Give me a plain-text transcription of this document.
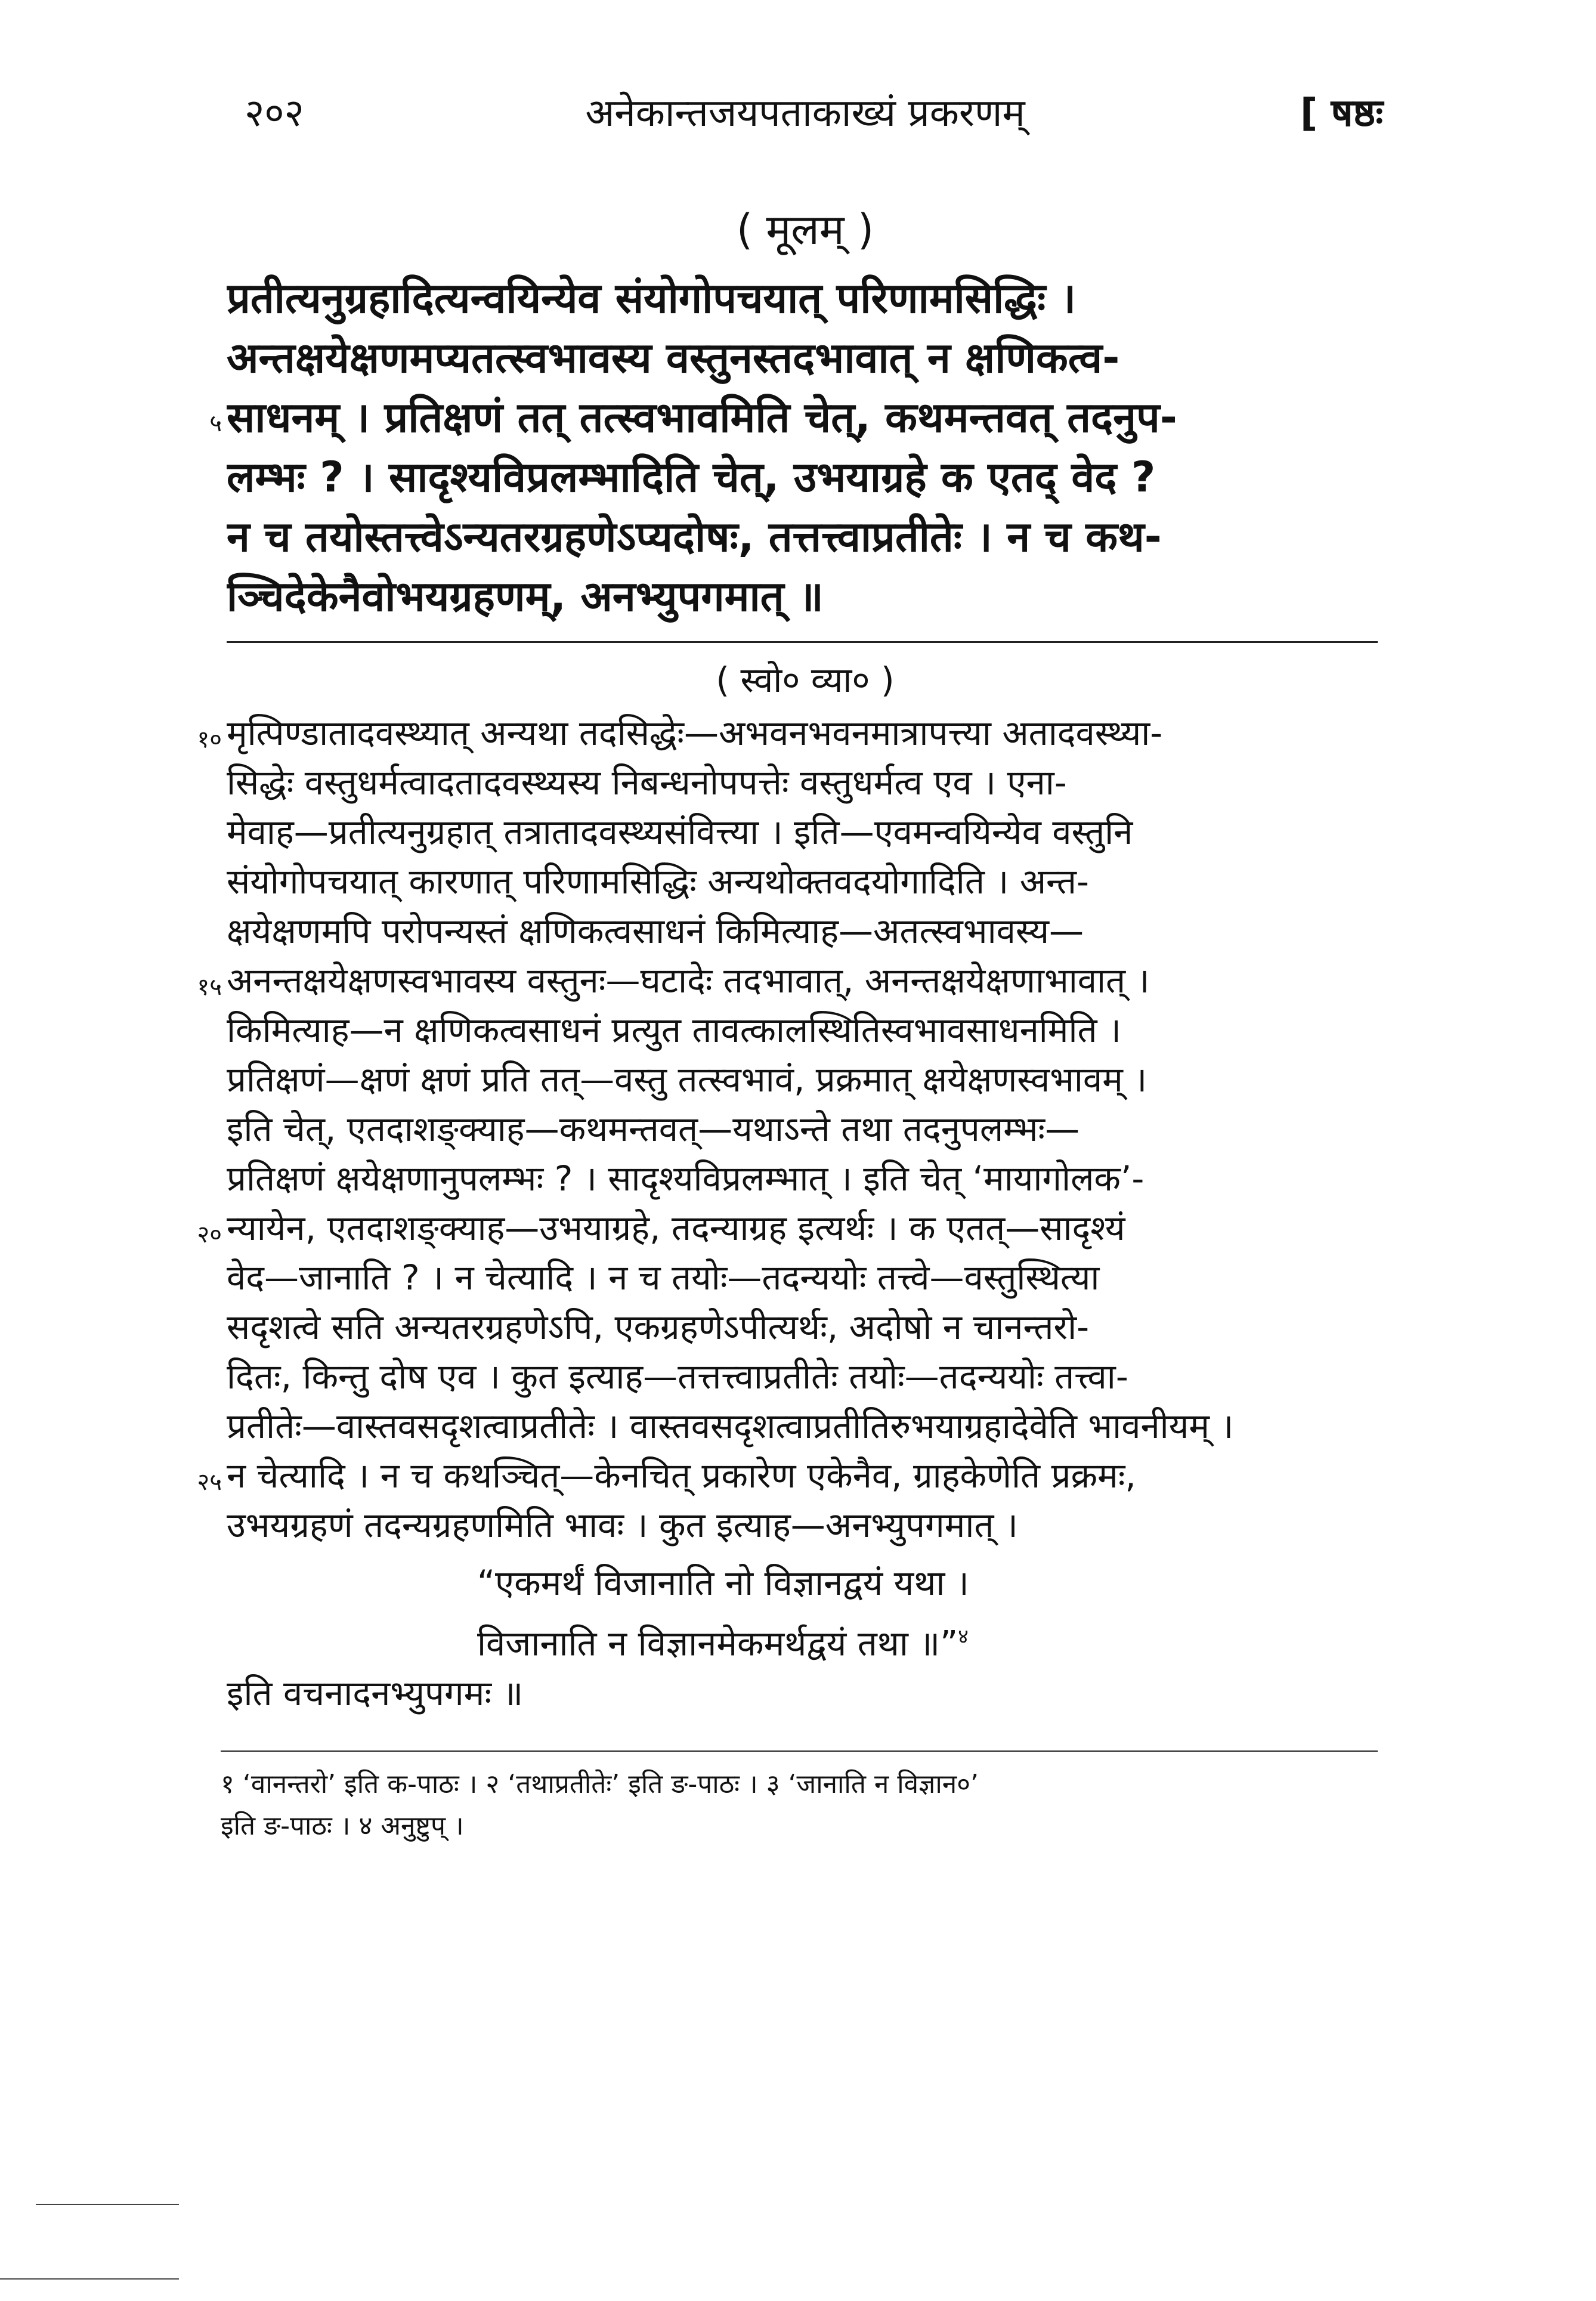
२०२	अनेकान्तजयपताकाख्यं प्रकरणम्	[ षष्ठः
( मूलम् )
प्रतीत्यनुग्रहादित्यन्वयिन्येव संयोगोपचयात् परिणामसिद्धिः ।
अन्तक्षयेक्षणमप्यतत्स्वभावस्य वस्तुनस्तदभावात् न क्षणिकत्व-
५ साधनम् । प्रतिक्षणं तत् तत्स्वभावमिति चेत्, कथमन्तवत् तदनुप-
लम्भः ? । सादृश्यविप्रलम्भादिति चेत्, उभयाग्रहे क एतद् वेद ?
न च तयोस्तत्त्वेऽन्यतरग्रहणेऽप्यदोषः, तत्तत्त्वाप्रतीतेः । न च कथ-
ञ्चिदेकेनैवोभयग्रहणम्, अनभ्युपगमात् ॥
( स्वो० व्या० )
१० मृत्पिण्डातादवस्थ्यात् अन्यथा तदसिद्धेः—अभवनभवनमात्रापत्त्या अतादवस्थ्या-
सिद्धेः वस्तुधर्मत्वादतादवस्थ्यस्य निबन्धनोपपत्तेः वस्तुधर्मत्व एव । एना-
मेवाह—प्रतीत्यनुग्रहात् तत्रातादवस्थ्यसंवित्त्या । इति—एवमन्वयिन्येव वस्तुनि
संयोगोपचयात् कारणात् परिणामसिद्धिः अन्यथोक्तवदयोगादिति । अन्त-
क्षयेक्षणमपि परोपन्यस्तं क्षणिकत्वसाधनं किमित्याह—अतत्स्वभावस्य—
१५ अनन्तक्षयेक्षणस्वभावस्य वस्तुनः—घटादेः तदभावात्, अनन्तक्षयेक्षणाभावात् ।
किमित्याह—न क्षणिकत्वसाधनं प्रत्युत तावत्कालस्थितिस्वभावसाधनमिति ।
प्रतिक्षणं—क्षणं क्षणं प्रति तत्—वस्तु तत्स्वभावं, प्रक्रमात् क्षयेक्षणस्वभावम् ।
इति चेत्, एतदाशङ्क्याह—कथमन्तवत्—यथाऽन्ते तथा तदनुपलम्भः—
प्रतिक्षणं क्षयेक्षणानुपलम्भः ? । सादृश्यविप्रलम्भात् । इति चेत् ‘मायागोलक’-
२० न्यायेन, एतदाशङ्क्याह—उभयाग्रहे, तदन्याग्रह इत्यर्थः । क एतत्—सादृश्यं
वेद—जानाति ? । न चेत्यादि । न च तयोः—तदन्ययोः तत्त्वे—वस्तुस्थित्या
सदृशत्वे सति अन्यतरग्रहणेऽपि, एकग्रहणेऽपीत्यर्थः, अदोषो न चानन्तरो-
दितः, किन्तु दोष एव । कुत इत्याह—तत्तत्त्वाप्रतीतेः तयोः—तदन्ययोः तत्त्वा-
प्रतीतेः—वास्तवसदृशत्वाप्रतीतेः । वास्तवसदृशत्वाप्रतीतिरुभयाग्रहादेवेति भावनीयम् ।
२५ न चेत्यादि । न च कथञ्चित्—केनचित् प्रकारेण एकेनैव, ग्राहकेणेति प्रक्रमः,
उभयग्रहणं तदन्यग्रहणमिति भावः । कुत इत्याह—अनभ्युपगमात् ।
“एकमर्थं विजानाति नो विज्ञानद्वयं यथा ।
विजानाति न विज्ञानमेकमर्थद्वयं तथा ॥”$^४$
इति वचनादनभ्युपगमः ॥
१ ‘वानन्तरो’ इति क-पाठः । २ ‘तथाप्रतीतेः’ इति ङ-पाठः । ३ ‘जानाति न विज्ञान०’
इति ङ-पाठः । ४ अनुष्टुप् ।
